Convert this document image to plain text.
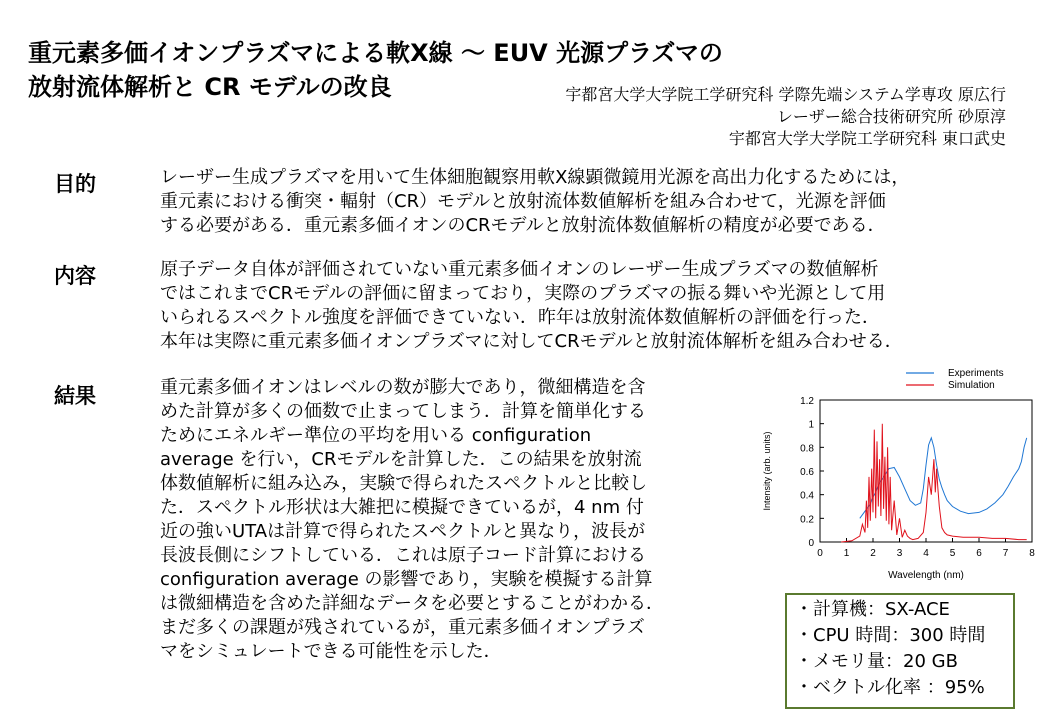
重元素多価イオンプラズマによる軟X線 ～ EUV 光源プラズマの
放射流体解析と CR モデルの改良	宇都宮大学大学院工学研究科 学際先端システム学専攻 原広行
レーザー総合技術研究所 砂原淳
宇都宮大学大学院工学研究科 東口武史
目的	レーザー生成プラズマを用いて生体細胞観察用軟X線顕微鏡用光源を高出力化するためには，
重元素における衝突・輻射（CR）モデルと放射流体数値解析を組み合わせて，光源を評価
する必要がある．重元素多価イオンのCRモデルと放射流体数値解析の精度が必要である．
内容	原子データ自体が評価されていない重元素多価イオンのレーザー生成プラズマの数値解析
ではこれまでCRモデルの評価に留まっており，実際のプラズマの振る舞いや光源として用
いられるスペクトル強度を評価できていない．昨年は放射流体数値解析の評価を行った．
本年は実際に重元素多価イオンプラズマに対してCRモデルと放射流体解析を組み合わせる．
結果	重元素多価イオンはレベルの数が膨大であり，微細構造を含
めた計算が多くの価数で止まってしまう．計算を簡単化する
ためにエネルギー準位の平均を用いる configuration
average を行い，CRモデルを計算した．この結果を放射流
体数値解析に組み込み，実験で得られたスペクトルと比較し
た．スペクトル形状は大雑把に模擬できているが，4 nm 付
近の強いUTAは計算で得られたスペクトルと異なり，波長が
長波長側にシフトしている．これは原子コード計算における
configuration average の影響であり，実験を模擬する計算
は微細構造を含めた詳細なデータを必要とすることがわかる．
まだ多くの課題が残されているが，重元素多価イオンプラズ
マをシミュレートできる可能性を示した．
0 1 2 3 4 5 6 7 8
0
0.2
0.4
0.6
0.8
1
1.2
Wavelength (nm)
Intensity (arb. units)
Experiments
Simulation
・計算機：SX-ACE
・CPU 時間：300 時間
・メモリ量：20 GB
・ベクトル化率 ：95%
